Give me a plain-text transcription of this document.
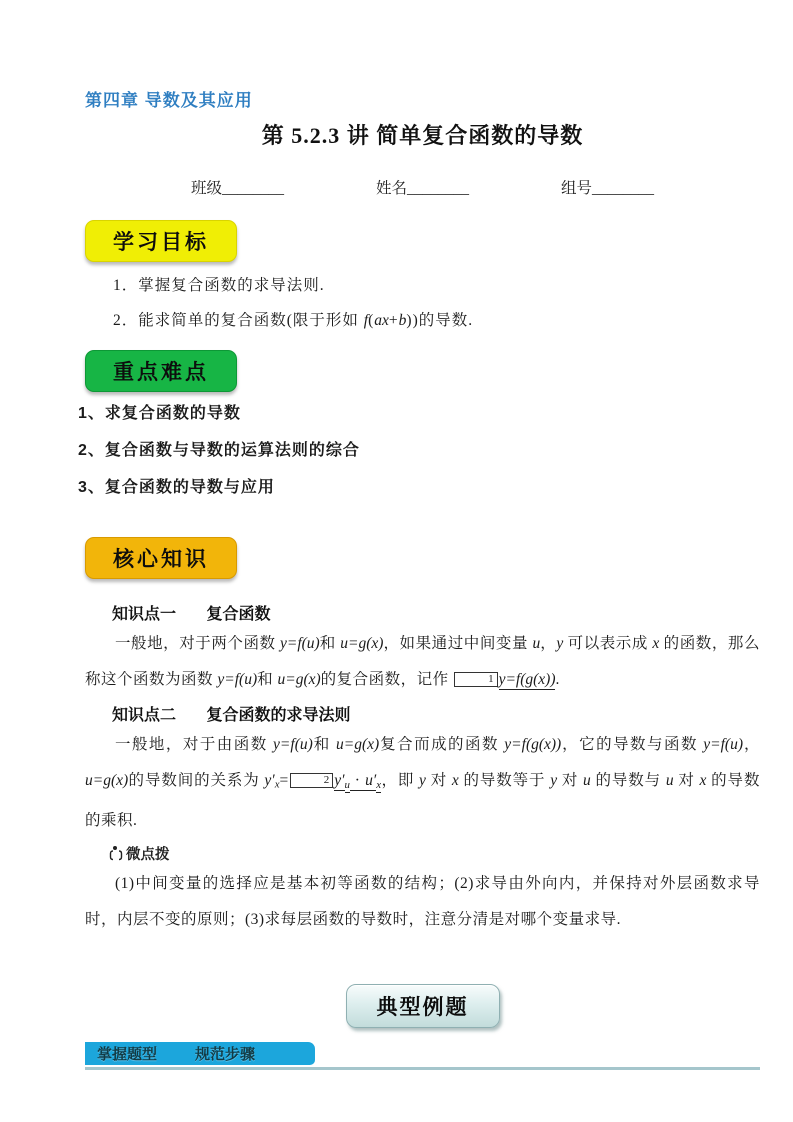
第四章 导数及其应用
第 5.2.3 讲 简单复合函数的导数
班级________	姓名________	组号________
学习目标
1．掌握复合函数的求导法则.
2．能求简单的复合函数(限于形如 f(ax+b))的导数.
重点难点
1、求复合函数的导数
2、复合函数与导数的运算法则的综合
3、复合函数的导数与应用
核心知识
知识点一 复合函数
一般地，对于两个函数 y=f(u)和 u=g(x)，如果通过中间变量 u，y 可以表示成 x 的函数，那么称这个函数为函数 y=f(u)和 u=g(x)的复合函数，记作	1 y=f(g(x)).
知识点二 复合函数的求导法则
一般地，对于由函数 y=f(u)和 u=g(x)复合而成的函数 y=f(g(x))，它的导数与函数 y=f(u)，u=g(x)的导数间的关系为 $y'_x=$	2 $y'_u \cdot u'_x$，即 y 对 x 的导数等于 y 对 u 的导数与 u 对 x 的导数的乘积.
微点拨
(1)中间变量的选择应是基本初等函数的结构；(2)求导由外向内，并保持对外层函数求导时，内层不变的原则；(3)求每层函数的导数时，注意分清是对哪个变量求导.
典型例题
掌握题型	规范步骤
